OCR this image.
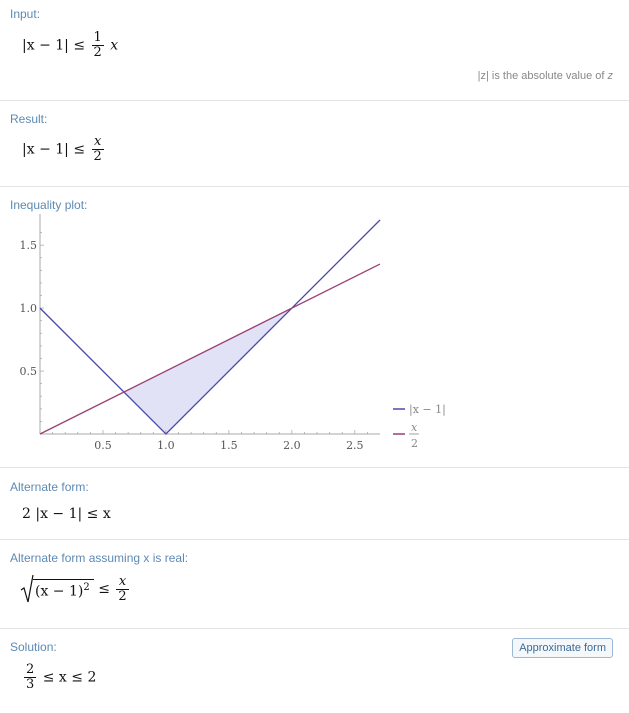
Input:
$|x - 1| \le \frac{1}{2}$ x
|z| is the absolute value of z
Result:
$|x - 1| \le \frac{x}{2}$
Inequality plot:
0.5	1.0	1.5	2.0	2.5
0.5
1.0
1.5
|x − 1|
x
2
Alternate form:
2 |x − 1| ≤ x
Alternate form assuming x is real:
$(x - 1)^2 \le \frac{x}{2}$
Solution:	Approximate form
$\frac{2}{3} \le x \le 2$
